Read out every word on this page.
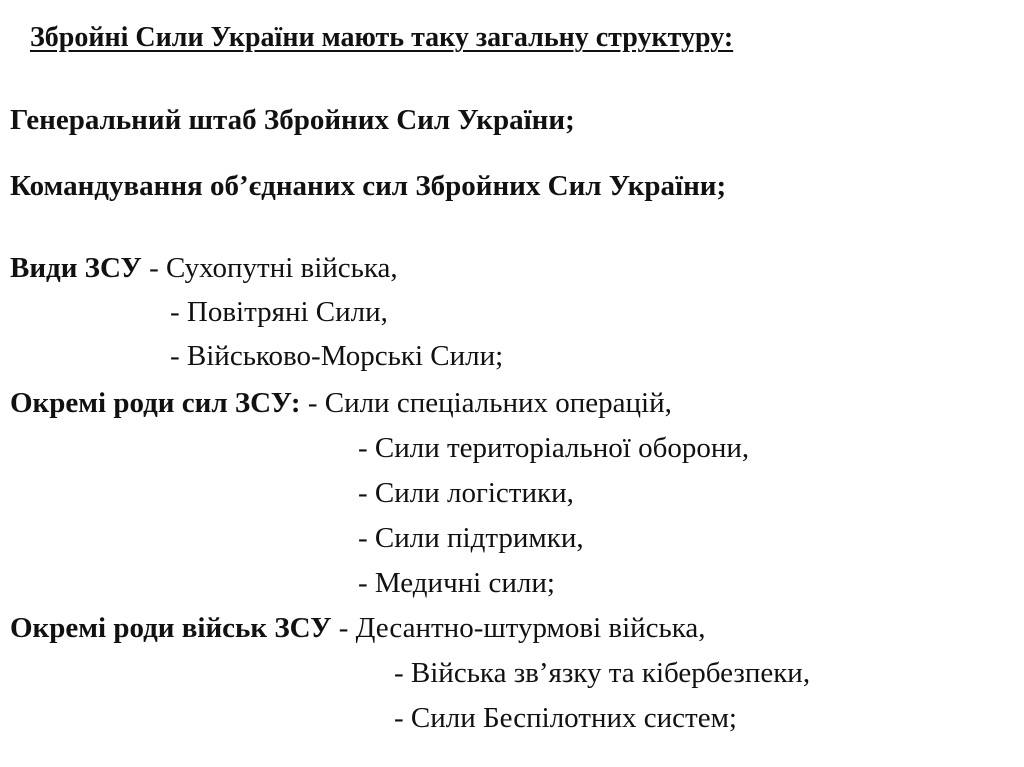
Збройні Сили України мають таку загальну структуру:
Генеральний штаб Збройних Сил України;
Командування об’єднаних сил Збройних Сил України;
Види ЗСУ - Сухопутні війська,
- Повітряні Сили,
- Військово-Морські Сили;
Окремі роди сил ЗСУ: - Сили спеціальних операцій,
- Сили територіальної оборони,
- Сили логістики,
- Сили підтримки,
- Медичні сили;
Окремі роди військ ЗСУ - Десантно-штурмові війська,
- Війська зв’язку та кібербезпеки,
- Сили Беспілотних систем;
